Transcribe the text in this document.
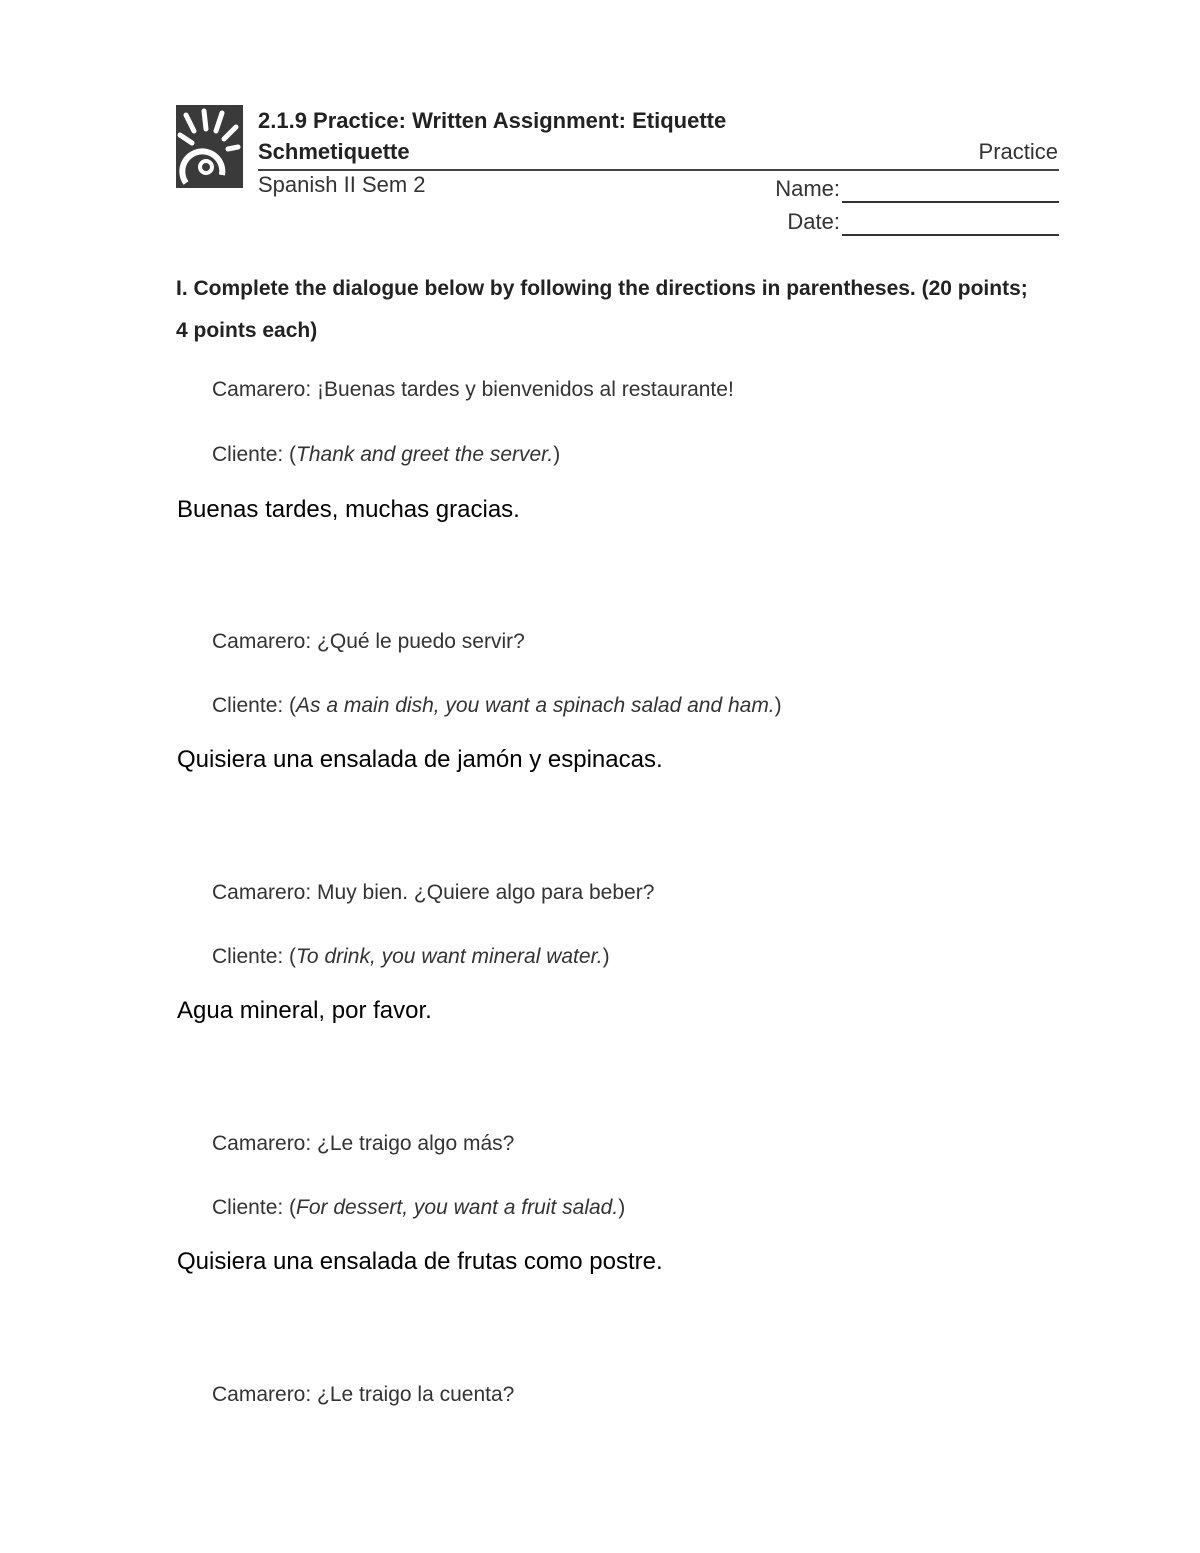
2.1.9 Practice: Written Assignment: Etiquette
Schmetiquette	Practice
Spanish II Sem 2	Name:
Date:
I. Complete the dialogue below by following the directions in parentheses. (20 points; 4 points each)
Camarero: ¡Buenas tardes y bienvenidos al restaurante!
Cliente: (Thank and greet the server.)
Buenas tardes, muchas gracias.
Camarero: ¿Qué le puedo servir?
Cliente: (As a main dish, you want a spinach salad and ham.)
Quisiera una ensalada de jamón y espinacas.
Camarero: Muy bien. ¿Quiere algo para beber?
Cliente: (To drink, you want mineral water.)
Agua mineral, por favor.
Camarero: ¿Le traigo algo más?
Cliente: (For dessert, you want a fruit salad.)
Quisiera una ensalada de frutas como postre.
Camarero: ¿Le traigo la cuenta?
